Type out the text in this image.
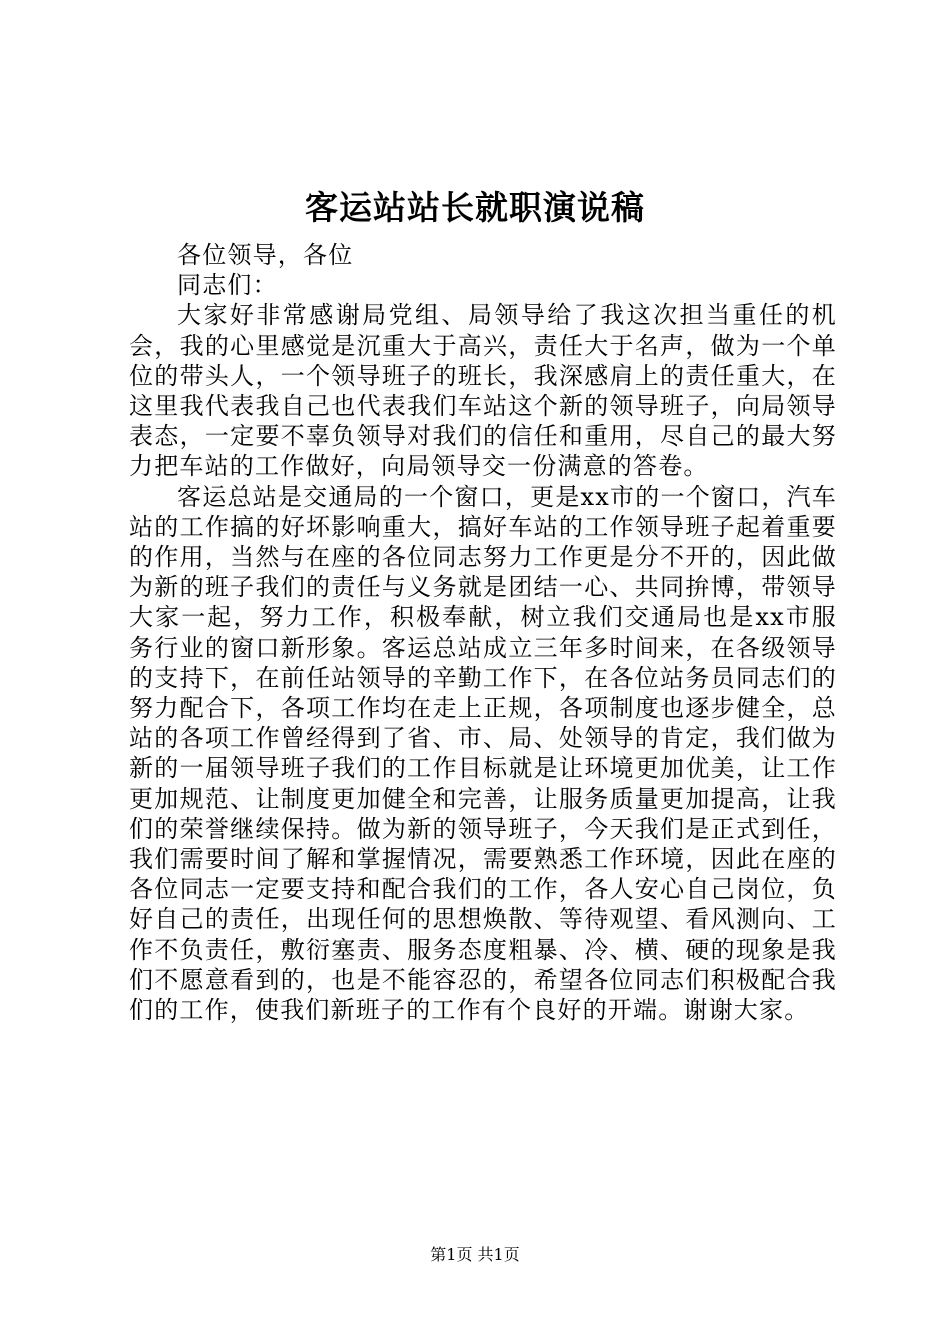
客运站站长就职演说稿

各位领导，各位

同志们：

大家好非常感谢局党组、局领导给了我这次担当重任的机会，我的心里感觉是沉重大于高兴，责任大于名声，做为一个单位的带头人，一个领导班子的班长，我深感肩上的责任重大，在这里我代表我自己也代表我们车站这个新的领导班子，向局领导表态，一定要不辜负领导对我们的信任和重用，尽自己的最大努力把车站的工作做好，向局领导交一份满意的答卷。

客运总站是交通局的一个窗口，更是xx市的一个窗口，汽车站的工作搞的好坏影响重大，搞好车站的工作领导班子起着重要的作用，当然与在座的各位同志努力工作更是分不开的，因此做为新的班子我们的责任与义务就是团结一心、共同拚博，带领导大家一起，努力工作，积极奉献，树立我们交通局也是xx市服务行业的窗口新形象。客运总站成立三年多时间来，在各级领导的支持下，在前任站领导的辛勤工作下，在各位站务员同志们的努力配合下，各项工作均在走上正规，各项制度也逐步健全，总站的各项工作曾经得到了省、市、局、处领导的肯定，我们做为新的一届领导班子我们的工作目标就是让环境更加优美，让工作更加规范、让制度更加健全和完善，让服务质量更加提高，让我们的荣誉继续保持。做为新的领导班子，今天我们是正式到任，我们需要时间了解和掌握情况，需要熟悉工作环境，因此在座的各位同志一定要支持和配合我们的工作，各人安心自己岗位，负好自己的责任，出现任何的思想焕散、等待观望、看风测向、工作不负责任，敷衍塞责、服务态度粗暴、冷、横、硬的现象是我们不愿意看到的，也是不能容忍的，希望各位同志们积极配合我们的工作，使我们新班子的工作有个良好的开端。谢谢大家。

第1页 共1页
